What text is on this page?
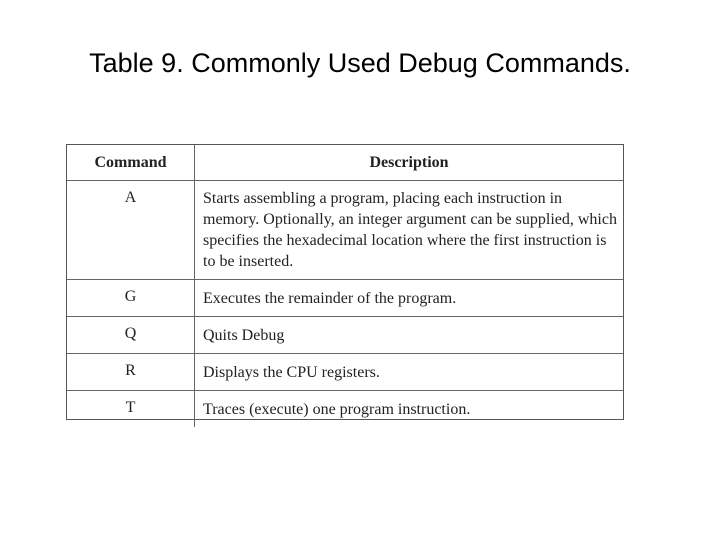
Table 9. Commonly Used Debug Commands.
Command	Description
A	Starts assembling a program, placing each instruction in memory. Optionally, an integer argument can be supplied, which specifies the hexadecimal location where the first instruction is to be inserted.
G	Executes the remainder of the program.
Q	Quits Debug
R	Displays the CPU registers.
T	Traces (execute) one program instruction.
